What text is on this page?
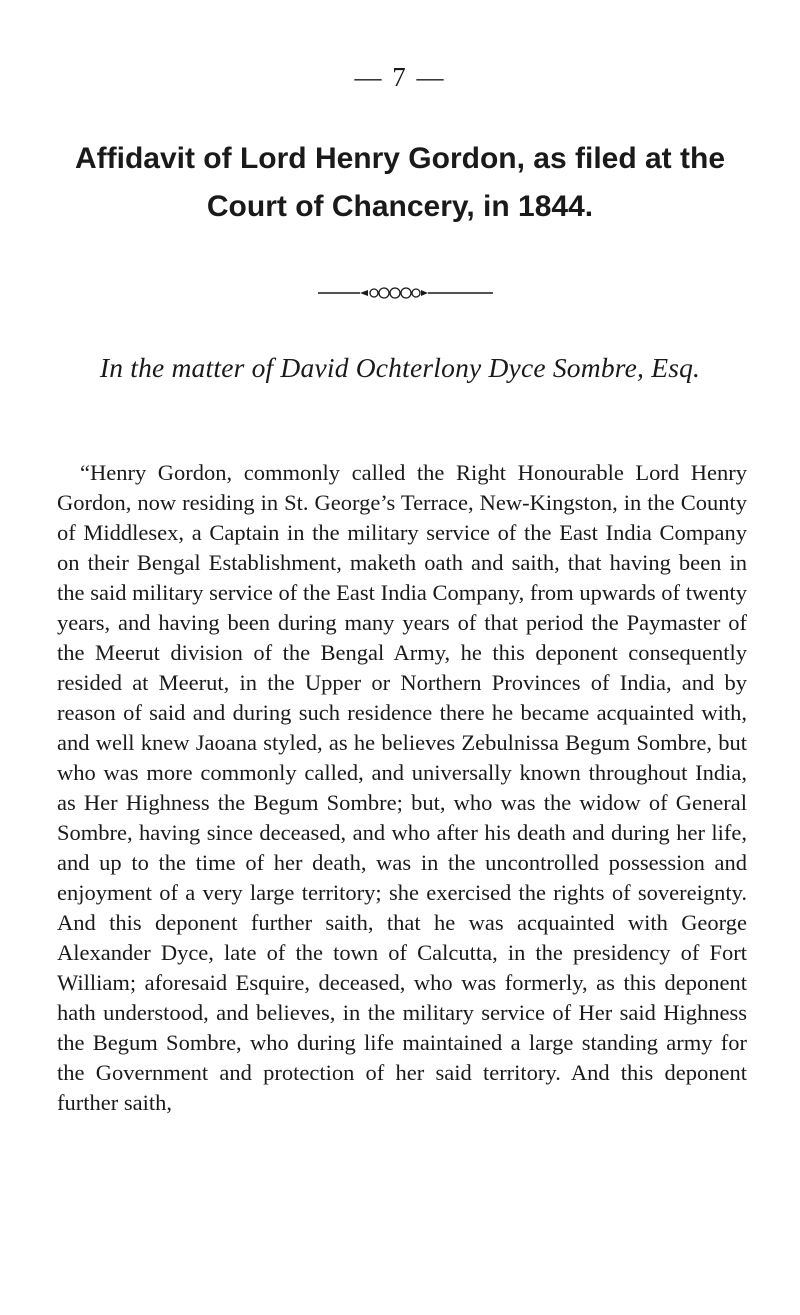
— 7 —
Affidavit of Lord Henry Gordon, as filed at the Court of Chancery, in 1844.
In the matter of David Ochterlony Dyce Sombre, Esq.

“Henry Gordon, commonly called the Right Honourable Lord Henry Gordon, now residing in St. George’s Terrace, New-Kingston, in the County of Middlesex, a Captain in the military service of the East India Company on their Bengal Establishment, maketh oath and saith, that having been in the said military service of the East India Company, from upwards of twenty years, and having been during many years of that period the Paymaster of the Meerut division of the Bengal Army, he this deponent consequently resided at Meerut, in the Upper or Northern Provinces of India, and by reason of said and during such residence there he became acquainted with, and well knew Jaoana styled, as he believes Zebulnissa Begum Sombre, but who was more commonly called, and universally known throughout India, as Her Highness the Begum Sombre; but, who was the widow of General Sombre, having since deceased, and who after his death and during her life, and up to the time of her death, was in the uncontrolled possession and enjoyment of a very large territory; she exercised the rights of sovereignty. And this deponent further saith, that he was acquainted with George Alexander Dyce, late of the town of Calcutta, in the presidency of Fort William; aforesaid Esquire, deceased, who was formerly, as this deponent hath understood, and believes, in the military service of Her said Highness the Begum Sombre, who during life maintained a large standing army for the Government and protection of her said territory. And this deponent further saith,
